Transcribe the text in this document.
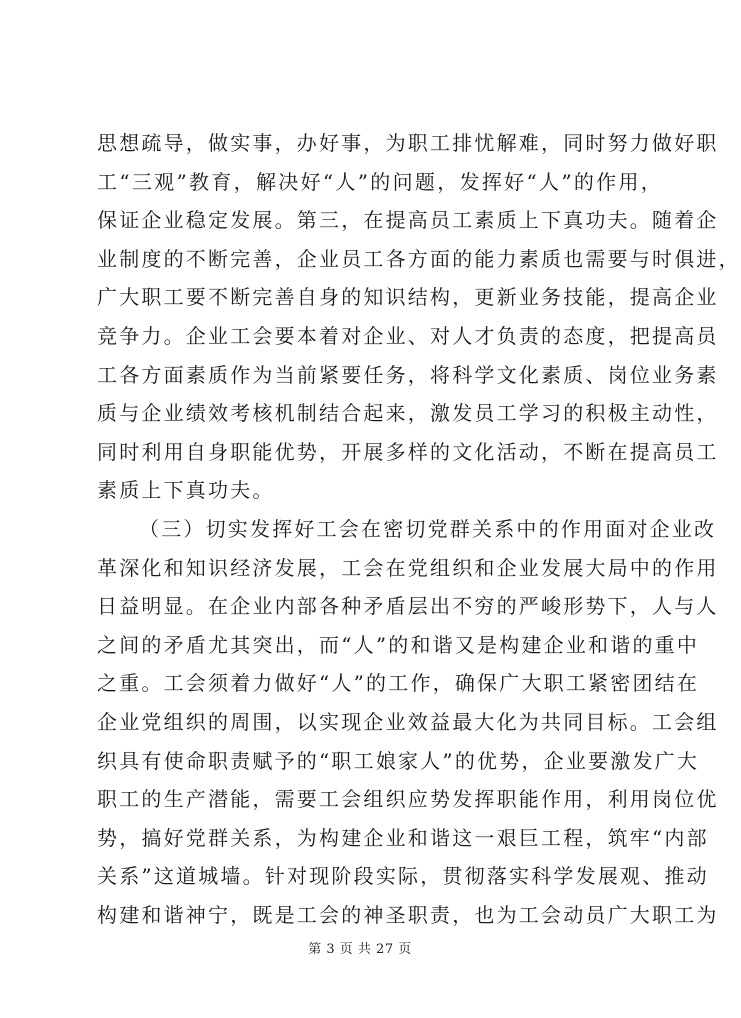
思想疏导，做实事，办好事，为职工排忧解难，同时努力做好职
工“三观”教育，解决好“人”的问题，发挥好“人”的作用，
保证企业稳定发展。第三，在提高员工素质上下真功夫。随着企
业制度的不断完善，企业员工各方面的能力素质也需要与时俱进，
广大职工要不断完善自身的知识结构，更新业务技能，提高企业
竞争力。企业工会要本着对企业、对人才负责的态度，把提高员
工各方面素质作为当前紧要任务，将科学文化素质、岗位业务素
质与企业绩效考核机制结合起来，激发员工学习的积极主动性，
同时利用自身职能优势，开展多样的文化活动，不断在提高员工
素质上下真功夫。
（三）切实发挥好工会在密切党群关系中的作用面对企业改
革深化和知识经济发展，工会在党组织和企业发展大局中的作用
日益明显。在企业内部各种矛盾层出不穷的严峻形势下，人与人
之间的矛盾尤其突出，而“人”的和谐又是构建企业和谐的重中
之重。工会须着力做好“人”的工作，确保广大职工紧密团结在
企业党组织的周围，以实现企业效益最大化为共同目标。工会组
织具有使命职责赋予的“职工娘家人”的优势，企业要激发广大
职工的生产潜能，需要工会组织应势发挥职能作用，利用岗位优
势，搞好党群关系，为构建企业和谐这一艰巨工程，筑牢“内部
关系”这道城墙。针对现阶段实际，贯彻落实科学发展观、推动
构建和谐神宁，既是工会的神圣职责，也为工会动员广大职工为
第 3 页 共 27 页
